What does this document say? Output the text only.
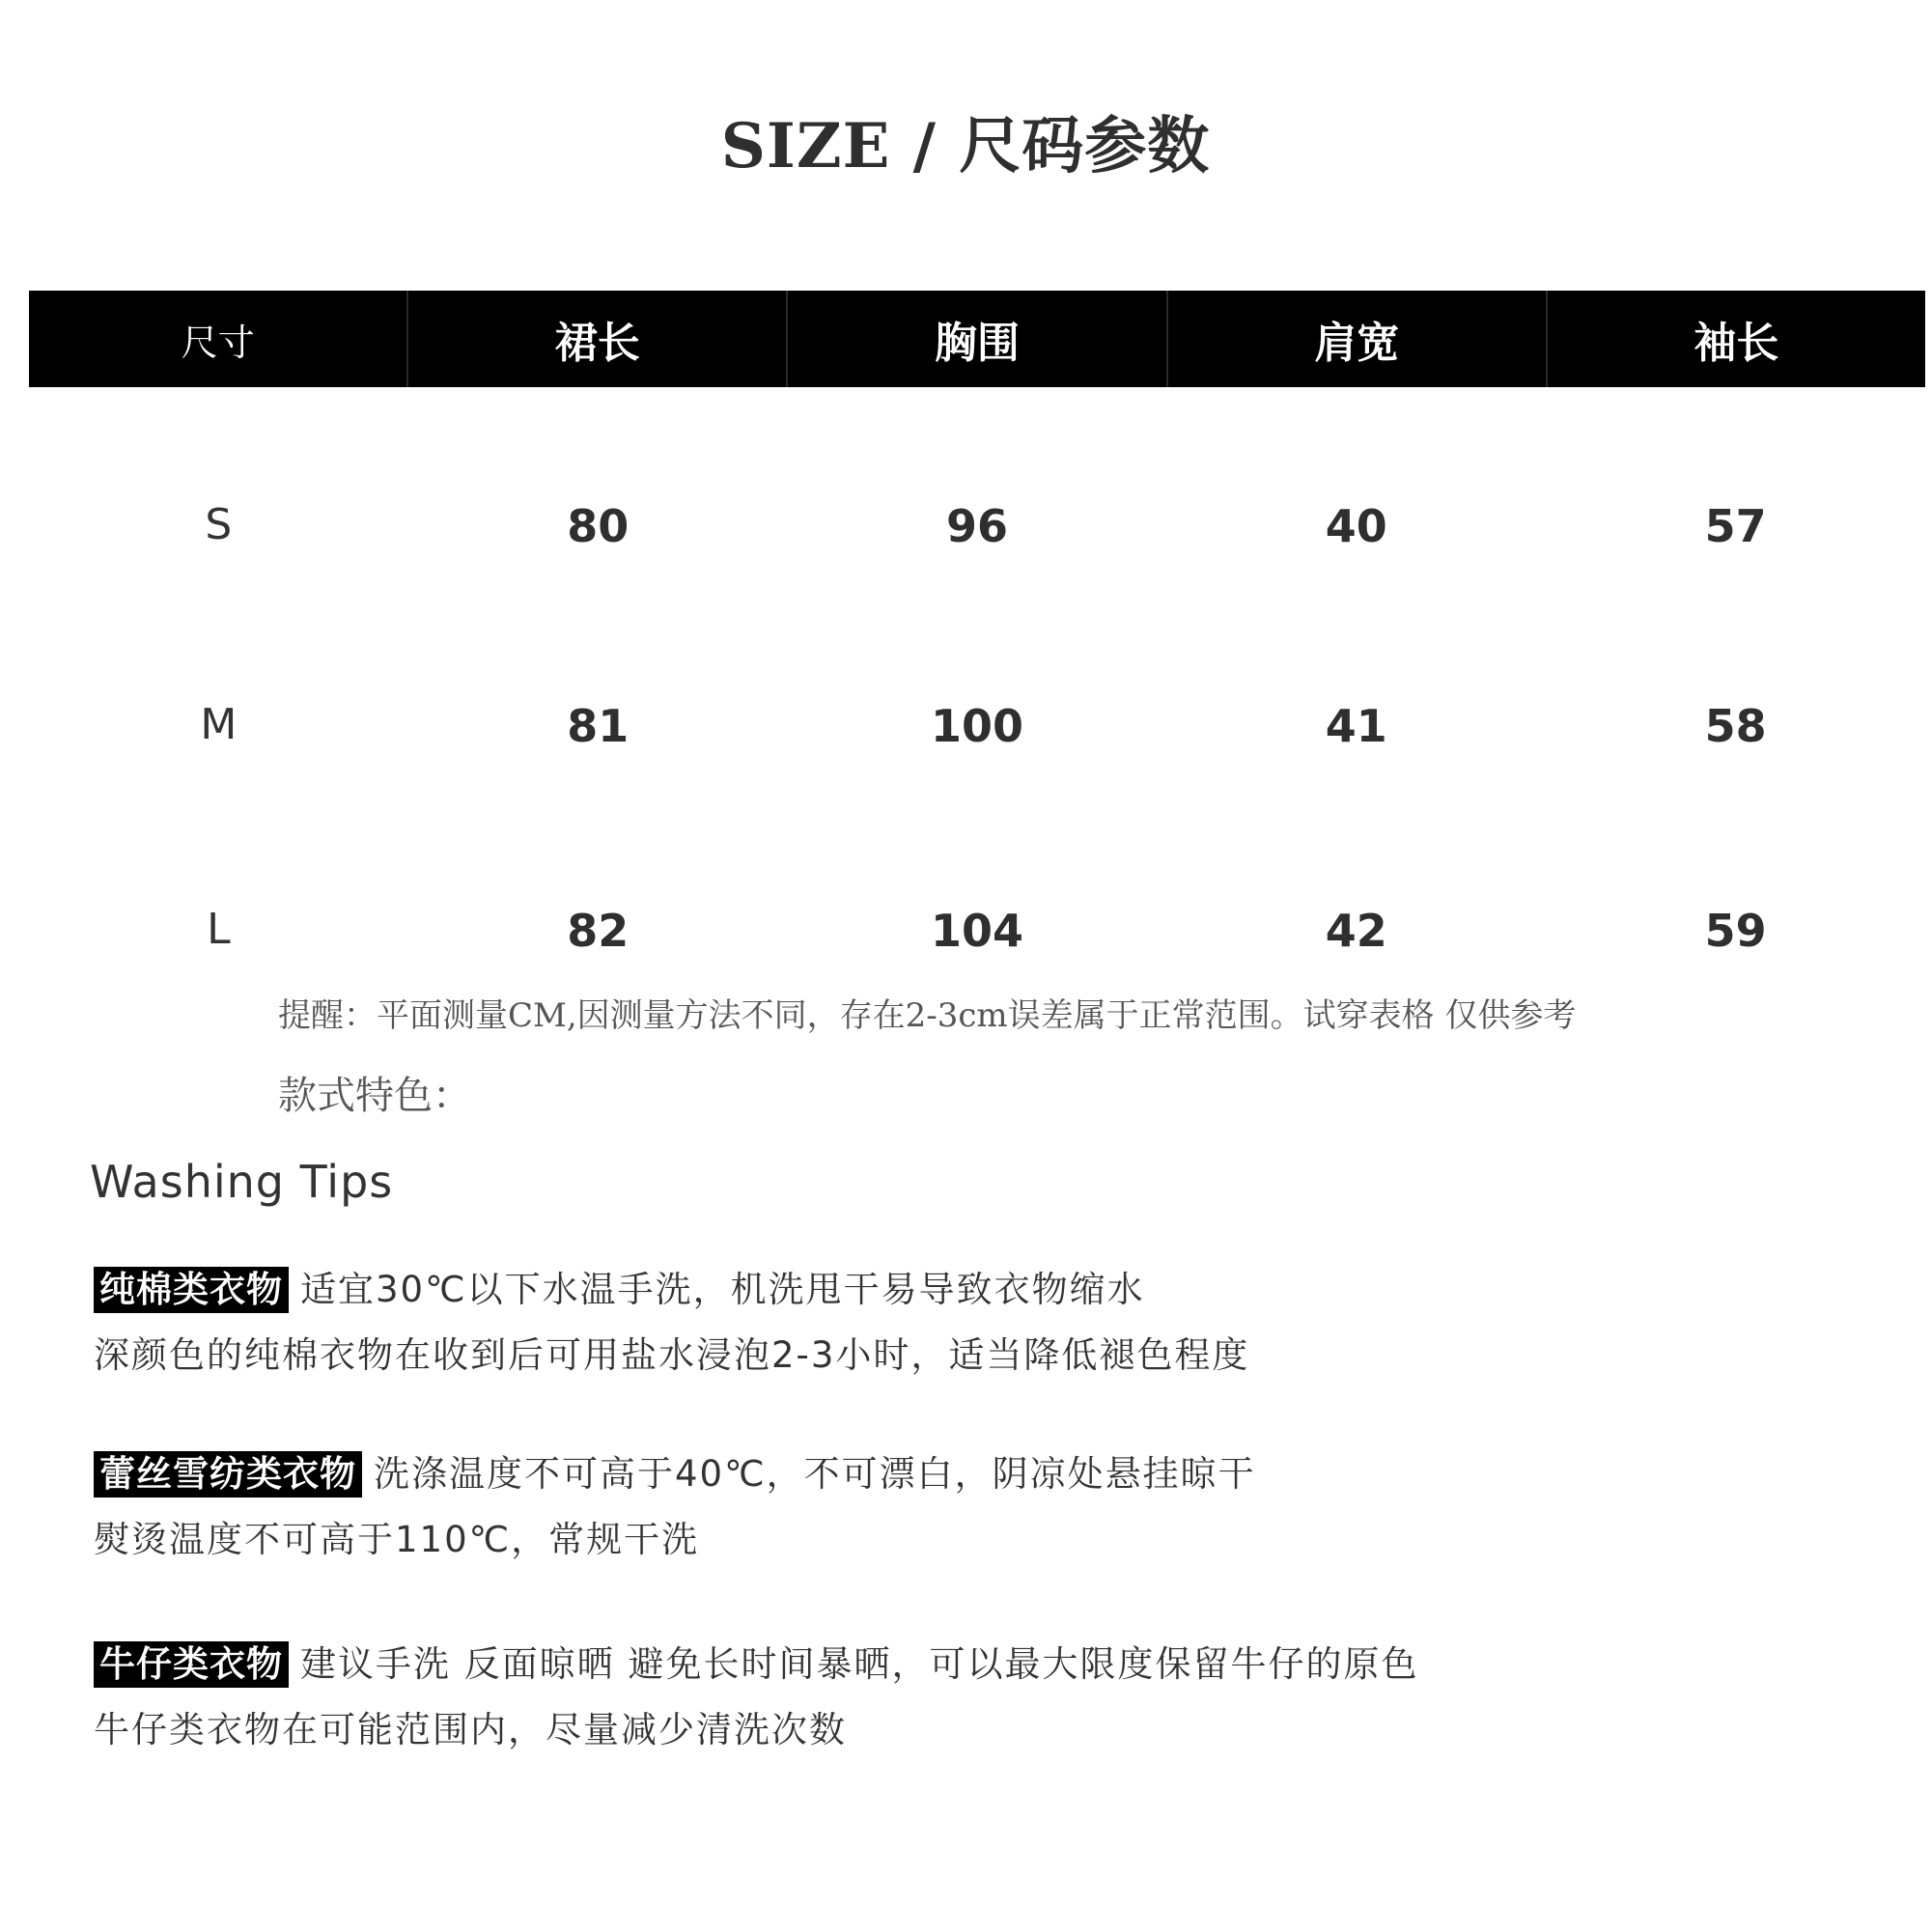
SIZE / 尺码参数
尺寸	裙长	胸围	肩宽	袖长
S	80	96	40	57
M	81	100	41	58
L	82	104	42	59
提醒：平面测量CM,因测量方法不同，存在2-3cm误差属于正常范围。试穿表格 仅供参考
款式特色：
Washing Tips
纯棉类衣物 适宜30℃以下水温手洗，机洗甩干易导致衣物缩水
深颜色的纯棉衣物在收到后可用盐水浸泡2-3小时，适当降低褪色程度
蕾丝雪纺类衣物 洗涤温度不可高于40℃，不可漂白，阴凉处悬挂晾干
熨烫温度不可高于110℃，常规干洗
牛仔类衣物 建议手洗 反面晾晒 避免长时间暴晒，可以最大限度保留牛仔的原色
牛仔类衣物在可能范围内，尽量减少清洗次数
